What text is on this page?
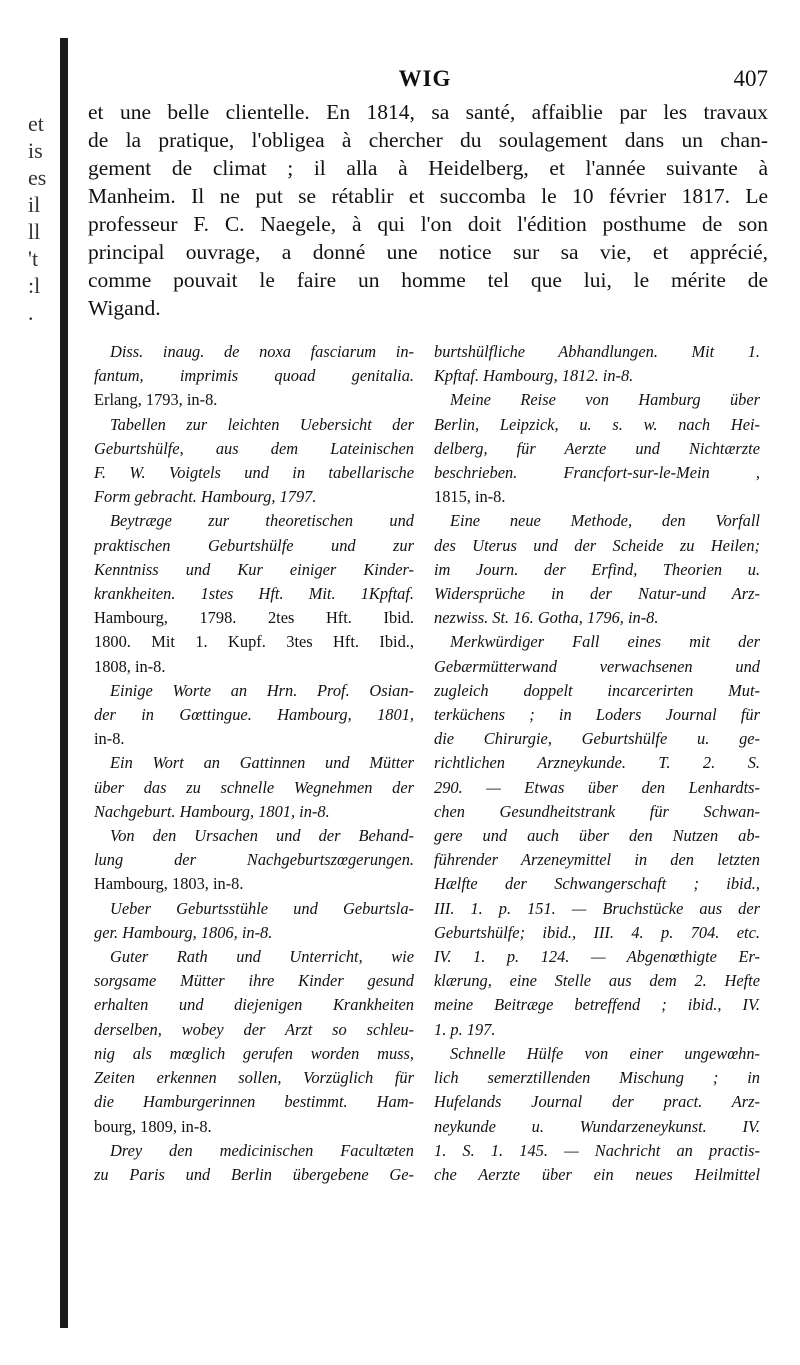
et
is
es
il
ll
't
:l
.
WIG	407
et une belle clientelle. En 1814, sa santé, affaiblie par les travaux
de la pratique, l'obligea à chercher du soulagement dans un chan-
gement de climat ; il alla à Heidelberg, et l'année suivante à
Manheim. Il ne put se rétablir et succomba le 10 février 1817. Le
professeur F. C. Naegele, à qui l'on doit l'édition posthume de son
principal ouvrage, a donné une notice sur sa vie, et apprécié,
comme pouvait le faire un homme tel que lui, le mérite de
Wigand.
Diss. inaug. de noxa fasciarum in-
fantum, imprimis quoad genitalia.
Erlang, 1793, in-8.
Tabellen zur leichten Uebersicht der
Geburtshülfe, aus dem Lateinischen
F. W. Voigtels und in tabellarische
Form gebracht. Hambourg, 1797.
Beytræge zur theoretischen und
praktischen Geburtshülfe und zur
Kenntniss und Kur einiger Kinder-
krankheiten. 1stes Hft. Mit. 1Kpftaf.
Hambourg, 1798. 2tes Hft. Ibid.
1800. Mit 1. Kupf. 3tes Hft. Ibid.,
1808, in-8.
Einige Worte an Hrn. Prof. Osian-
der in Gœttingue. Hambourg, 1801,
in-8.
Ein Wort an Gattinnen und Mütter
über das zu schnelle Wegnehmen der
Nachgeburt. Hambourg, 1801, in-8.
Von den Ursachen und der Behand-
lung der Nachgeburtszœgerungen.
Hambourg, 1803, in-8.
Ueber Geburtsstühle und Geburtsla-
ger. Hambourg, 1806, in-8.
Guter Rath und Unterricht, wie
sorgsame Mütter ihre Kinder gesund
erhalten und diejenigen Krankheiten
derselben, wobey der Arzt so schleu-
nig als mœglich gerufen worden muss,
Zeiten erkennen sollen, Vorzüglich für
die Hamburgerinnen bestimmt. Ham-
bourg, 1809, in-8.
Drey den medicinischen Facultæten
zu Paris und Berlin übergebene Ge-
burtshülfliche Abhandlungen. Mit 1.
Kpftaf. Hambourg, 1812. in-8.
Meine Reise von Hamburg über
Berlin, Leipzick, u. s. w. nach Hei-
delberg, für Aerzte und Nichtærzte
beschrieben. Francfort-sur-le-Mein ,
1815, in-8.
Eine neue Methode, den Vorfall
des Uterus und der Scheide zu Heilen;
im Journ. der Erfind, Theorien u.
Widersprüche in der Natur-und Arz-
nezwiss. St. 16. Gotha, 1796, in-8.
Merkwürdiger Fall eines mit der
Gebærmütterwand verwachsenen und
zugleich doppelt incarcerirten Mut-
terküchens ; in Loders Journal für
die Chirurgie, Geburtshülfe u. ge-
richtlichen Arzneykunde. T. 2. S.
290. — Etwas über den Lenhardts-
chen Gesundheitstrank für Schwan-
gere und auch über den Nutzen ab-
führender Arzeneymittel in den letzten
Hælfte der Schwangerschaft ; ibid.,
III. 1. p. 151. — Bruchstücke aus der
Geburtshülfe; ibid., III. 4. p. 704. etc.
IV. 1. p. 124. — Abgenœthigte Er-
klærung, eine Stelle aus dem 2. Hefte
meine Beitræge betreffend ; ibid., IV.
1. p. 197.
Schnelle Hülfe von einer ungewœhn-
lich semerztillenden Mischung ; in
Hufelands Journal der pract. Arz-
neykunde u. Wundarzeneykunst. IV.
1. S. 1. 145. — Nachricht an practis-
che Aerzte über ein neues Heilmittel
